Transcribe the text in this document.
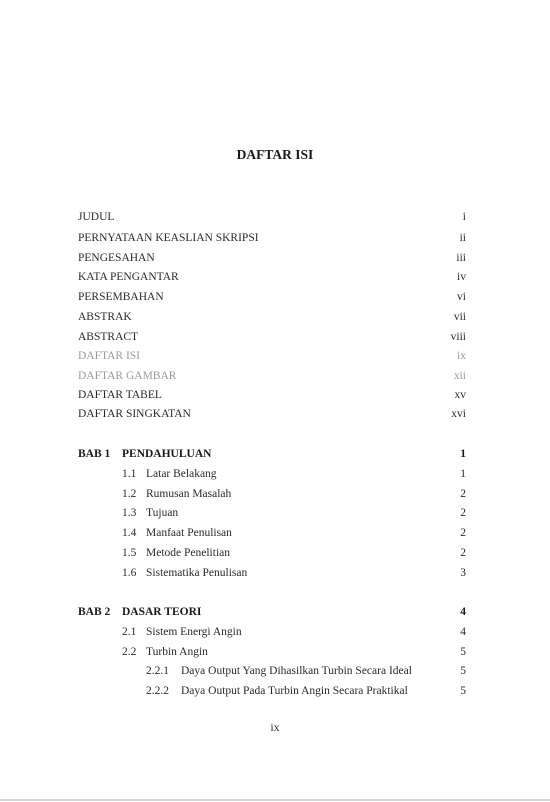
DAFTAR ISI
JUDUL	i
PERNYATAAN KEASLIAN SKRIPSI	ii
PENGESAHAN	iii
KATA PENGANTAR	iv
PERSEMBAHAN	vi
ABSTRAK	vii
ABSTRACT	viii
DAFTAR ISI	ix
DAFTAR GAMBAR	xii
DAFTAR TABEL	xv
DAFTAR SINGKATAN	xvi
BAB 1 PENDAHULUAN	1
1.1 Latar Belakang	1
1.2 Rumusan Masalah	2
1.3 Tujuan	2
1.4 Manfaat Penulisan	2
1.5 Metode Penelitian	2
1.6 Sistematika Penulisan	3
BAB 2 DASAR TEORI	4
2.1 Sistem Energi Angin	4
2.2 Turbin Angin	5
2.2.1 Daya Output Yang Dihasilkan Turbin Secara Ideal	5
2.2.2 Daya Output Pada Turbin Angin Secara Praktikal	5
ix
